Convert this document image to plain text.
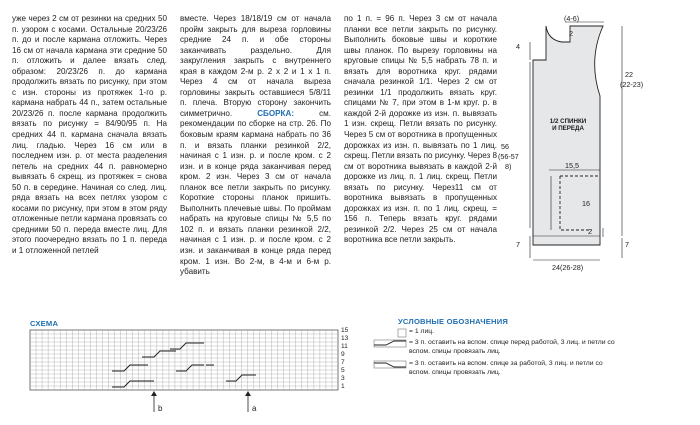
уже через 2 см от резинки на средних 50 п. узором с косами. Остальные 20/23/26 п. до и после кармана отложить. Через 16 см от начала кармана эти средние 50 п. отложить и далее вязать след. образом: 20/23/26 п. до кармана продолжить вязать по рисунку, при этом с изн. стороны из протяжек 1-го р. кармана набрать 44 п., затем остальные 20/23/26 п. после кармана продолжить вязать по рисунку = 84/90/95 п. На средних 44 п. кармана сначала вязать лиц. гладью. Через 16 см или в последнем изн. р. от места разделения петель на средних 44 п. равномерно вывязать 6 скрещ. из протяжек = снова 50 п. в середине. Начиная со след. лиц. ряда вязать на всех петлях узором с косами по рисунку, при этом в этом ряду отложенные петли кармана провязать со средними 50 п. переда вместе лиц. Для этого поочередно вязать по 1 п. переда и 1 отложенной петлей

вместе. Через 18/18/19 см от начала пройм закрыть для выреза горловины средние 24 п. и обе стороны заканчивать раздельно. Для закругления закрыть с внутреннего края в каждом 2-м р. 2 х 2 и 1 х 1 п. Через 4 см от начала выреза горловины закрыть оставшиеся 5/8/11 п. плеча. Вторую сторону закончить симметрично.	СБОРКА: см. рекомендации по сборке на стр. 26. По боковым краям кармана набрать по 36 п. и вязать планки резинкой 2/2, начиная с 1 изн. р. и после кром. с 2 изн. и в конце ряда заканчивая перед кром. 2 изн. Через 3 см от начала планок все петли закрыть по рисунку. Короткие стороны планок пришить. Выполнить плечевые швы. По проймам набрать на круговые спицы № 5,5 по 102 п. и вязать планки резинкой 2/2, начиная с 1 изн. р. и после кром. с 2 изн. и заканчивая в конце ряда перед кром. 1 изн. Во 2-м, в 4-м и 6-м р. убавить

по 1 п. = 96 п. Через 3 см от начала планки все петли закрыть по рисунку. Выполнить боковые швы и короткие швы планок. По вырезу горловины на круговые спицы № 5,5 набрать 78 п. и вязать для воротника круг. рядами сначала резинкой 1/1. Через 2 см от резинки 1/1 продолжить вязать круг. спицами № 7, при этом в 1-м круг. р. в каждой 2-й дорожке из изн. п. вывязать 1 изн. скрещ. Петли вязать по рисунку. Через 5 см от воротника в пропущенных дорожках из изн. п. вывязать по 1 лиц. скрещ. Петли вязать по рисунку. Через 8 см от воротника вывязать в каждой 2-й дорожке из лиц. п. 1 лиц. скрещ. Петли вязать по рисунку. Через11 см от воротника вывязать в пропущенных дорожках из изн. п. по 1 лиц. скрещ. = 156 п. Теперь вязать круг. рядами резинкой 2/2. Через 25 см от начала воротника все петли закрыть.

1/2 СПИНКИ
И ПЕРЕДА
(4-6)
2
4
56
(56-57
8)	15,5
16
2
7
24(26-28)
22
(22-23)
7
СХЕМА
15
13
11
9
7
5
3
1
b	a
УСЛОВНЫЕ ОБОЗНАЧЕНИЯ
= 1 лиц.
= 3 п. оставить на вспом. спице перед работой, 3 лиц. и петли со
вспом. спицы провязать лиц.
= 3 п. оставить на вспом. спице за работой, 3 лиц. и петли со
вспом. спицы провязать лиц.
